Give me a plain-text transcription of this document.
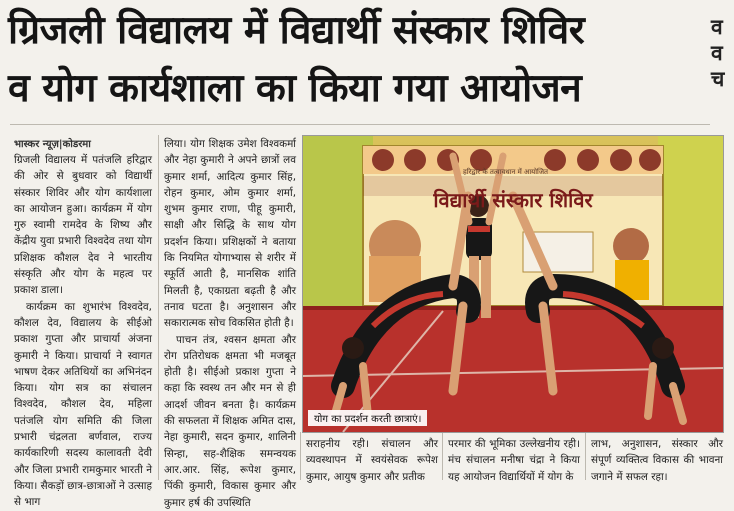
ग्रिजली विद्यालय में विद्यार्थी संस्कार शिविर
व योग कार्यशाला का किया गया आयोजन
व
व
च
भास्कर न्यूज़|कोडरमा

ग्रिजली विद्यालय में पतंजलि हरिद्वार की ओर से बुधवार को विद्यार्थी संस्कार शिविर और योग कार्यशाला का आयोजन हुआ। कार्यक्रम में योग गुरु स्वामी रामदेव के शिष्य और केंद्रीय युवा प्रभारी विश्वदेव तथा योग प्रशिक्षक कौशल देव ने भारतीय संस्कृति और योग के महत्व पर प्रकाश डाला।

कार्यक्रम का शुभारंभ विश्वदेव, कौशल देव, विद्यालय के सीईओ प्रकाश गुप्ता और प्राचार्या अंजना कुमारी ने किया। प्राचार्या ने स्वागत भाषण देकर अतिथियों का अभिनंदन किया। योग सत्र का संचालन विश्वदेव, कौशल देव, महिला पतंजलि योग समिति की जिला प्रभारी चंद्रलता बर्णवाल, राज्य कार्यकारिणी सदस्य कालावती देवी और जिला प्रभारी रामकुमार भारती ने किया। सैकड़ों छात्र-छात्राओं ने उत्साह से भाग

लिया। योग शिक्षक उमेश विश्वकर्मा और नेहा कुमारी ने अपने छात्रों लव कुमार शर्मा, आदित्य कुमार सिंह, रोहन कुमार, ओम कुमार शर्मा, शुभम कुमार राणा, पीहू कुमारी, साक्षी और सिद्धि के साथ योग प्रदर्शन किया। प्रशिक्षकों ने बताया कि नियमित योगाभ्यास से शरीर में स्फूर्ति आती है, मानसिक शांति मिलती है, एकाग्रता बढ़ती है और तनाव घटता है। अनुशासन और सकारात्मक सोच विकसित होती है।

पाचन तंत्र, श्वसन क्षमता और रोग प्रतिरोधक क्षमता भी मजबूत होती है। सीईओ प्रकाश गुप्ता ने कहा कि स्वस्थ तन और मन से ही आदर्श जीवन बनता है। कार्यक्रम की सफलता में शिक्षक अमित दास, नेहा कुमारी, सदन कुमार, शालिनी सिन्हा, सह-शैक्षिक समन्वयक आर.आर. सिंह, रूपेश कुमार, पिंकी कुमारी, विकास कुमार और कुमार हर्ष की उपस्थिति

हरिद्वार के तत्वावधान में आयोजित
विद्यार्थी संस्कार शिविर
योग का प्रदर्शन करती छात्राएं।

सराहनीय रही। संचालन और व्यवस्थापन में स्वयंसेवक रूपेश कुमार, आयुष कुमार और प्रतीक

परमार की भूमिका उल्लेखनीय रही। मंच संचालन मनीषा चंद्रा ने किया यह आयोजन विद्यार्थियों में योग के

लाभ, अनुशासन, संस्कार और संपूर्ण व्यक्तित्व विकास की भावना जगाने में सफल रहा।
